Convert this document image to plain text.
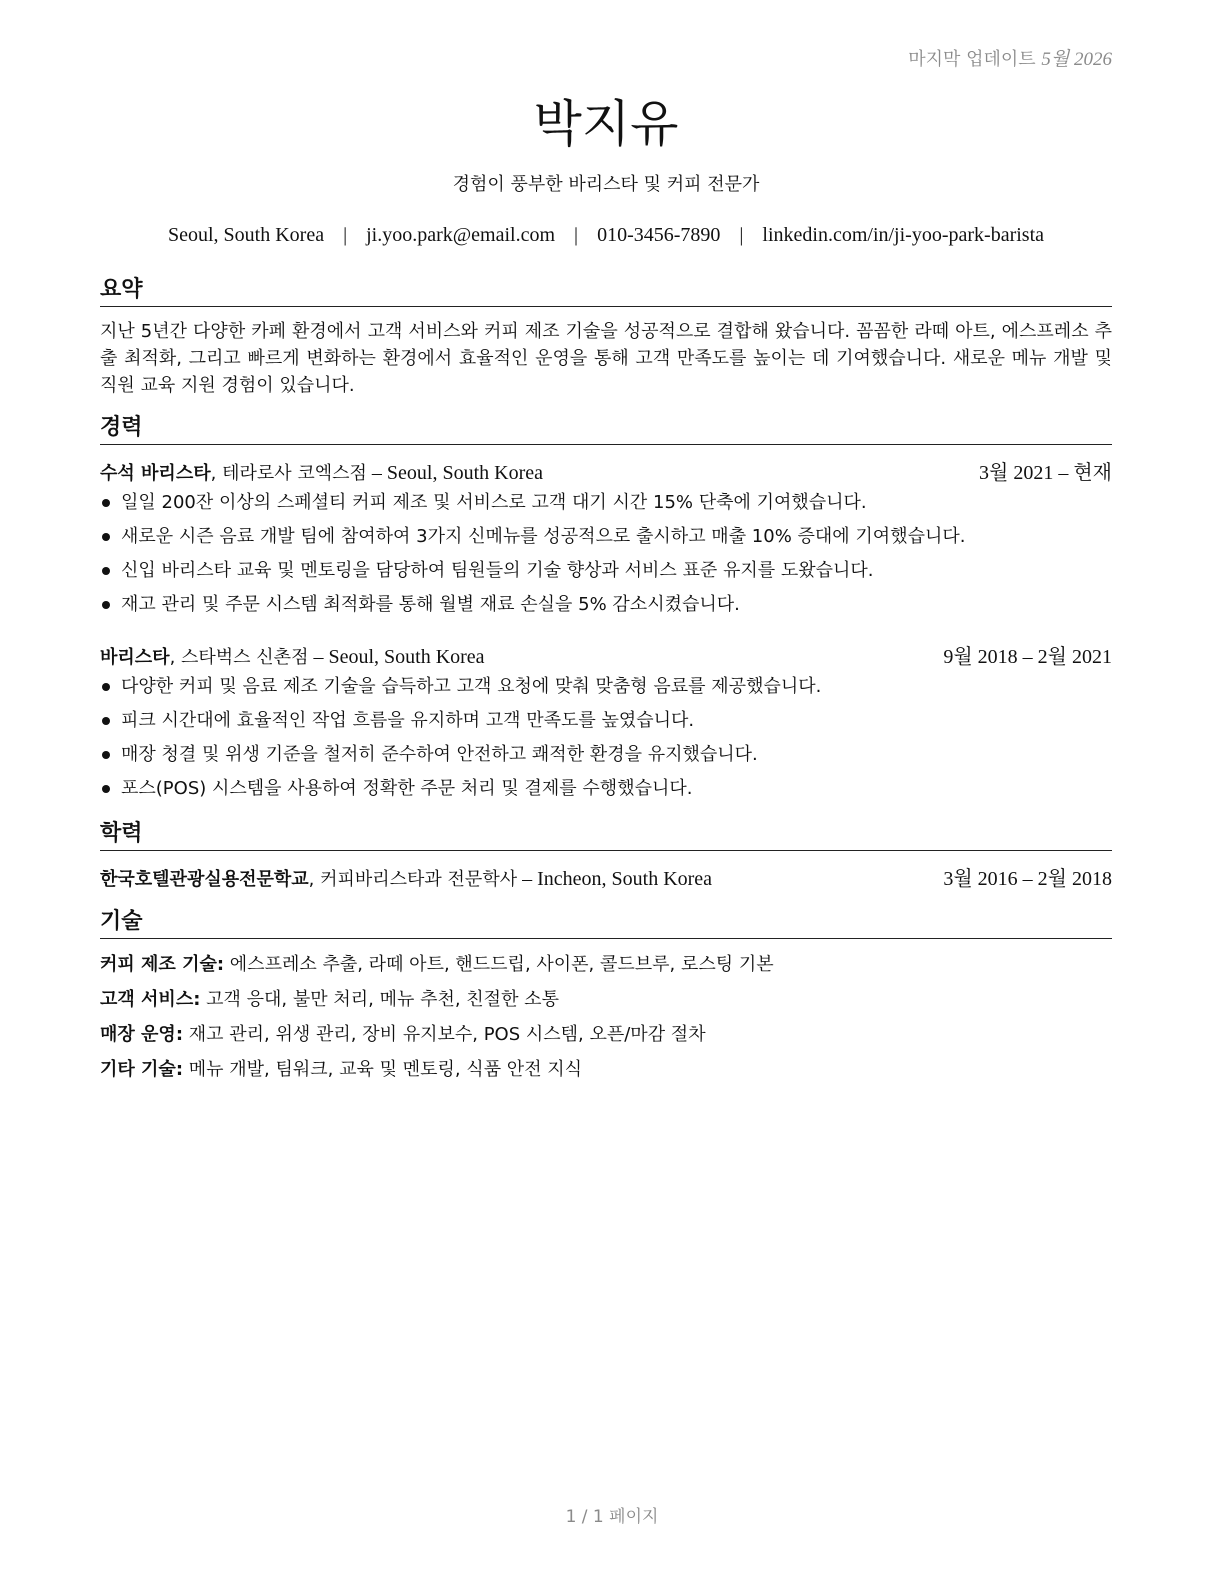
마지막 업데이트 5월 2026
박지유
경험이 풍부한 바리스타 및 커피 전문가
Seoul, South Korea | ji.yoo.park@email.com | 010-3456-7890 | linkedin.com/in/ji-yoo-park-barista
요약
지난 5년간 다양한 카페 환경에서 고객 서비스와 커피 제조 기술을 성공적으로 결합해 왔습니다. 꼼꼼한 라떼 아트, 에스프레소 추출 최적화, 그리고 빠르게 변화하는 환경에서 효율적인 운영을 통해 고객 만족도를 높이는 데 기여했습니다. 새로운 메뉴 개발 및 직원 교육 지원 경험이 있습니다.
경력
수석 바리스타, 테라로사 코엑스점 – Seoul, South Korea	3월 2021 – 현재
일일 200잔 이상의 스페셜티 커피 제조 및 서비스로 고객 대기 시간 15% 단축에 기여했습니다.
새로운 시즌 음료 개발 팀에 참여하여 3가지 신메뉴를 성공적으로 출시하고 매출 10% 증대에 기여했습니다.
신입 바리스타 교육 및 멘토링을 담당하여 팀원들의 기술 향상과 서비스 표준 유지를 도왔습니다.
재고 관리 및 주문 시스템 최적화를 통해 월별 재료 손실을 5% 감소시켰습니다.
바리스타, 스타벅스 신촌점 – Seoul, South Korea	9월 2018 – 2월 2021
다양한 커피 및 음료 제조 기술을 습득하고 고객 요청에 맞춰 맞춤형 음료를 제공했습니다.
피크 시간대에 효율적인 작업 흐름을 유지하며 고객 만족도를 높였습니다.
매장 청결 및 위생 기준을 철저히 준수하여 안전하고 쾌적한 환경을 유지했습니다.
포스(POS) 시스템을 사용하여 정확한 주문 처리 및 결제를 수행했습니다.
학력
한국호텔관광실용전문학교, 커피바리스타과 전문학사 – Incheon, South Korea	3월 2016 – 2월 2018
기술
커피 제조 기술: 에스프레소 추출, 라떼 아트, 핸드드립, 사이폰, 콜드브루, 로스팅 기본
고객 서비스: 고객 응대, 불만 처리, 메뉴 추천, 친절한 소통
매장 운영: 재고 관리, 위생 관리, 장비 유지보수, POS 시스템, 오픈/마감 절차
기타 기술: 메뉴 개발, 팀워크, 교육 및 멘토링, 식품 안전 지식
1 / 1 페이지
